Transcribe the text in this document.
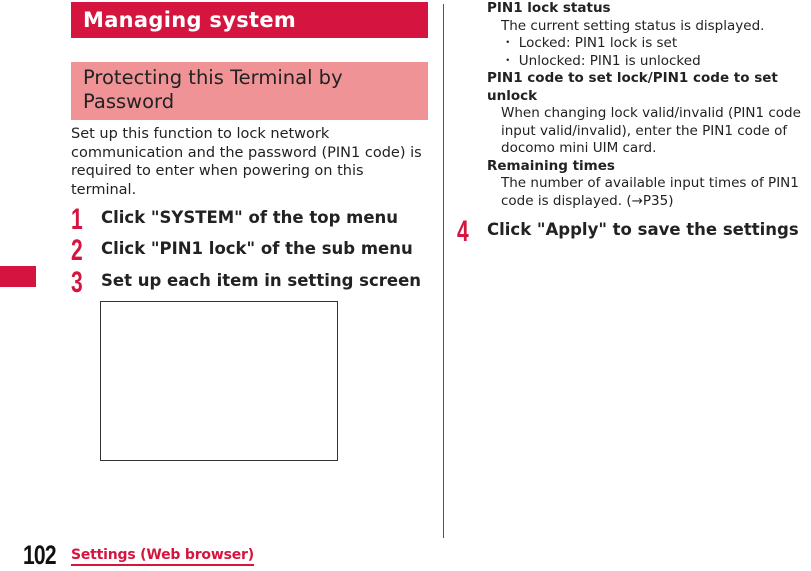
Managing system
Protecting this Terminal by Password
Set up this function to lock network communication and the password (PIN1 code) is required to enter when powering on this terminal.
1 Click "SYSTEM" of the top menu
2 Click "PIN1 lock" of the sub menu
3 Set up each item in setting screen
PIN1 lock status
The current setting status is displayed.
・ Locked: PIN1 lock is set
・ Unlocked: PIN1 is unlocked
PIN1 code to set lock/PIN1 code to set unlock
When changing lock valid/invalid (PIN1 code input valid/invalid), enter the PIN1 code of docomo mini UIM card.
Remaining times
The number of available input times of PIN1 code is displayed. (→P35)
4 Click "Apply" to save the settings
102 Settings (Web browser)
